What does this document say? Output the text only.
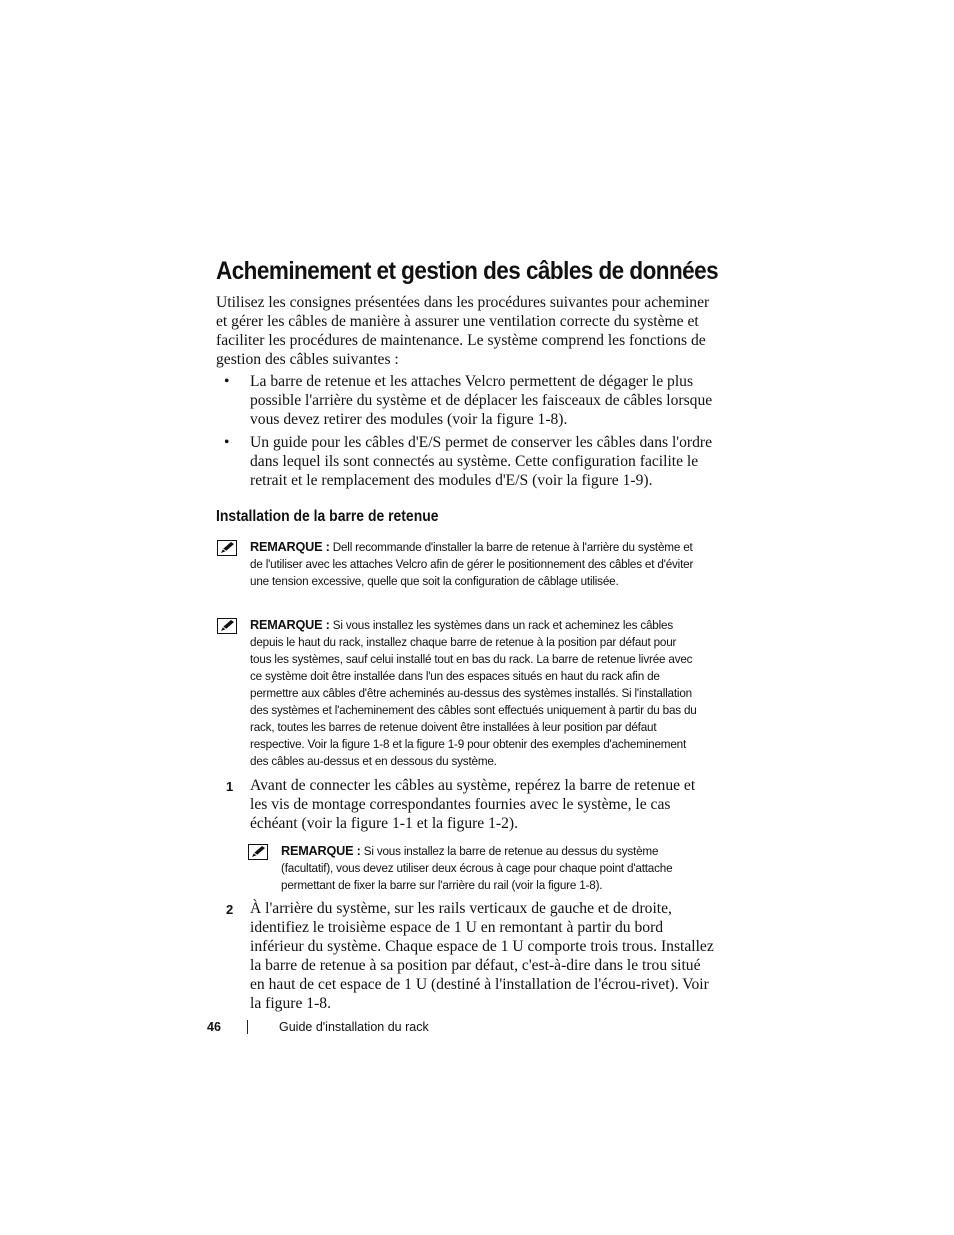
Acheminement et gestion des câbles de données

Utilisez les consignes présentées dans les procédures suivantes pour acheminer et gérer les câbles de manière à assurer une ventilation correcte du système et faciliter les procédures de maintenance. Le système comprend les fonctions de gestion des câbles suivantes :

• La barre de retenue et les attaches Velcro permettent de dégager le plus possible l'arrière du système et de déplacer les faisceaux de câbles lorsque vous devez retirer des modules (voir la figure 1-8).
• Un guide pour les câbles d'E/S permet de conserver les câbles dans l'ordre dans lequel ils sont connectés au système. Cette configuration facilite le retrait et le remplacement des modules d'E/S (voir la figure 1-9).
Installation de la barre de retenue
REMARQUE : Dell recommande d'installer la barre de retenue à l'arrière du système et de l'utiliser avec les attaches Velcro afin de gérer le positionnement des câbles et d'éviter une tension excessive, quelle que soit la configuration de câblage utilisée.
REMARQUE : Si vous installez les systèmes dans un rack et acheminez les câbles depuis le haut du rack, installez chaque barre de retenue à la position par défaut pour tous les systèmes, sauf celui installé tout en bas du rack. La barre de retenue livrée avec ce système doit être installée dans l'un des espaces situés en haut du rack afin de permettre aux câbles d'être acheminés au-dessus des systèmes installés. Si l'installation des systèmes et l'acheminement des câbles sont effectués uniquement à partir du bas du rack, toutes les barres de retenue doivent être installées à leur position par défaut respective. Voir la figure 1-8 et la figure 1-9 pour obtenir des exemples d'acheminement des câbles au-dessus et en dessous du système.
1 Avant de connecter les câbles au système, repérez la barre de retenue et les vis de montage correspondantes fournies avec le système, le cas échéant (voir la figure 1-1 et la figure 1-2).
REMARQUE : Si vous installez la barre de retenue au dessus du système (facultatif), vous devez utiliser deux écrous à cage pour chaque point d'attache permettant de fixer la barre sur l'arrière du rail (voir la figure 1-8).
2 À l'arrière du système, sur les rails verticaux de gauche et de droite, identifiez le troisième espace de 1 U en remontant à partir du bord inférieur du système. Chaque espace de 1 U comporte trois trous. Installez la barre de retenue à sa position par défaut, c'est-à-dire dans le trou situé en haut de cet espace de 1 U (destiné à l'installation de l'écrou-rivet). Voir la figure 1-8.
46	Guide d'installation du rack
